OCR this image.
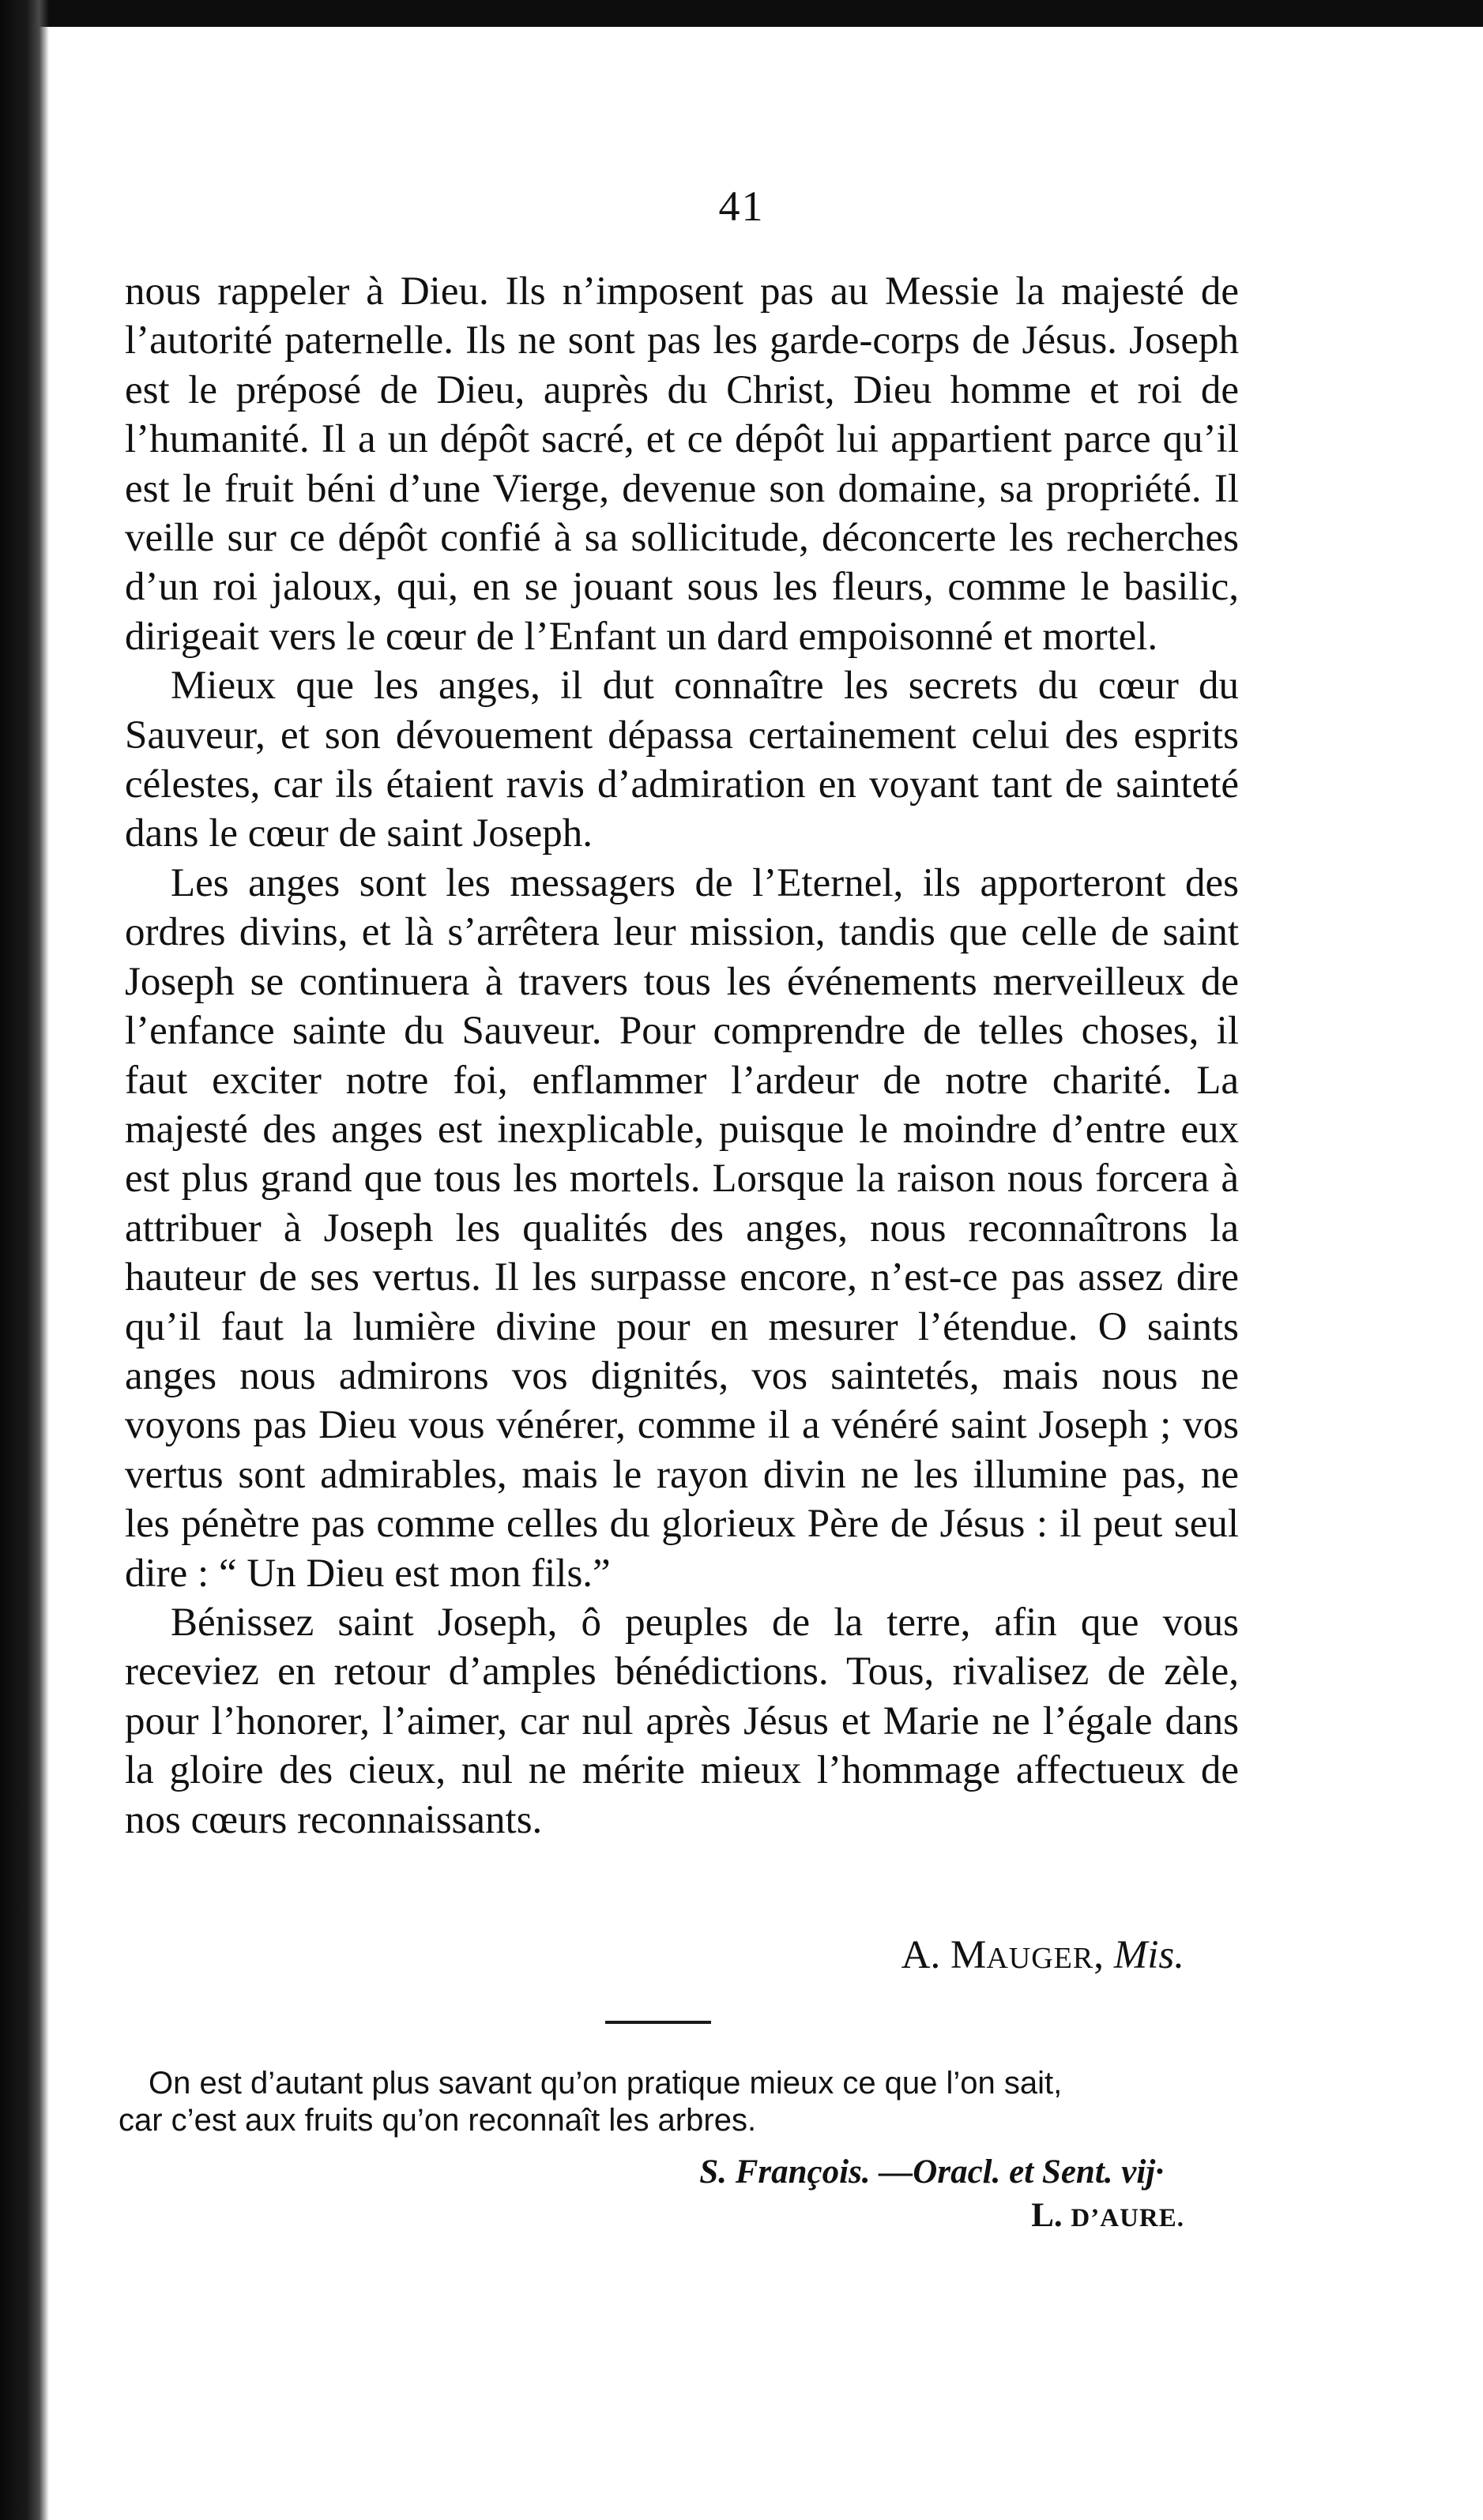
41

nous rappeler à Dieu. Ils n’imposent pas au Messie la majesté de l’autorité paternelle. Ils ne sont pas les garde-corps de Jésus. Joseph est le préposé de Dieu, auprès du Christ, Dieu homme et roi de l’humanité. Il a un dépôt sacré, et ce dépôt lui appartient parce qu’il est le fruit béni d’une Vierge, devenue son domaine, sa propriété. Il veille sur ce dépôt confié à sa sollicitude, déconcerte les recherches d’un roi jaloux, qui, en se jouant sous les fleurs, comme le basilic, dirigeait vers le cœur de l’Enfant un dard empoisonné et mortel.

Mieux que les anges, il dut connaître les secrets du cœur du Sauveur, et son dévouement dépassa certainement celui des esprits célestes, car ils étaient ravis d’admiration en voyant tant de sainteté dans le cœur de saint Joseph.

Les anges sont les messagers de l’Eternel, ils apporteront des ordres divins, et là s’arrêtera leur mission, tandis que celle de saint Joseph se continuera à travers tous les événements merveilleux de l’enfance sainte du Sauveur. Pour comprendre de telles choses, il faut exciter notre foi, enflammer l’ardeur de notre charité. La majesté des anges est inexplicable, puisque le moindre d’entre eux est plus grand que tous les mortels. Lorsque la raison nous forcera à attribuer à Joseph les qualités des anges, nous reconnaîtrons la hauteur de ses vertus. Il les surpasse encore, n’est-ce pas assez dire qu’il faut la lumière divine pour en mesurer l’étendue. O saints anges nous admirons vos dignités, vos saintetés, mais nous ne voyons pas Dieu vous vénérer, comme il a vénéré saint Joseph ; vos vertus sont admirables, mais le rayon divin ne les illumine pas, ne les pénètre pas comme celles du glorieux Père de Jésus : il peut seul dire : “ Un Dieu est mon fils.”

Bénissez saint Joseph, ô peuples de la terre, afin que vous receviez en retour d’amples bénédictions. Tous, rivalisez de zèle, pour l’honorer, l’aimer, car nul après Jésus et Marie ne l’égale dans la gloire des cieux, nul ne mérite mieux l’hommage affectueux de nos cœurs reconnaissants.

A. MAUGER, Mis.

On est d’autant plus savant qu’on pratique mieux ce que l’on sait,

car c’est aux fruits qu’on reconnaît les arbres.

S. François. —Oracl. et Sent. vij·
L. D’AURE.
